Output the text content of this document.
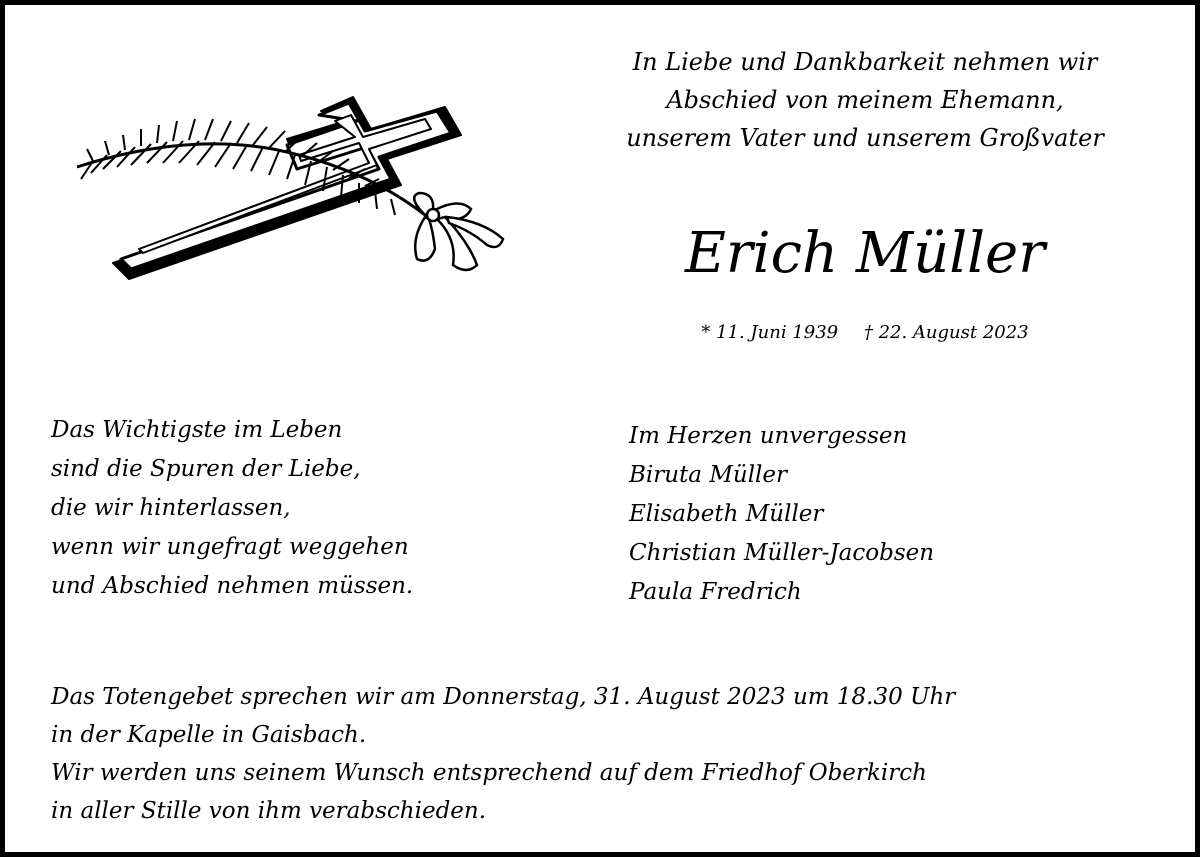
In Liebe und Dankbarkeit nehmen wir
Abschied von meinem Ehemann,
unserem Vater und unserem Großvater
Erich Müller
* 11. Juni 1939 † 22. August 2023
Das Wichtigste im Leben
sind die Spuren der Liebe,
die wir hinterlassen,
wenn wir ungefragt weggehen
und Abschied nehmen müssen.
Im Herzen unvergessen
Biruta Müller
Elisabeth Müller
Christian Müller-Jacobsen
Paula Fredrich
Das Totengebet sprechen wir am Donnerstag, 31. August 2023 um 18.30 Uhr
in der Kapelle in Gaisbach.
Wir werden uns seinem Wunsch entsprechend auf dem Friedhof Oberkirch
in aller Stille von ihm verabschieden.
